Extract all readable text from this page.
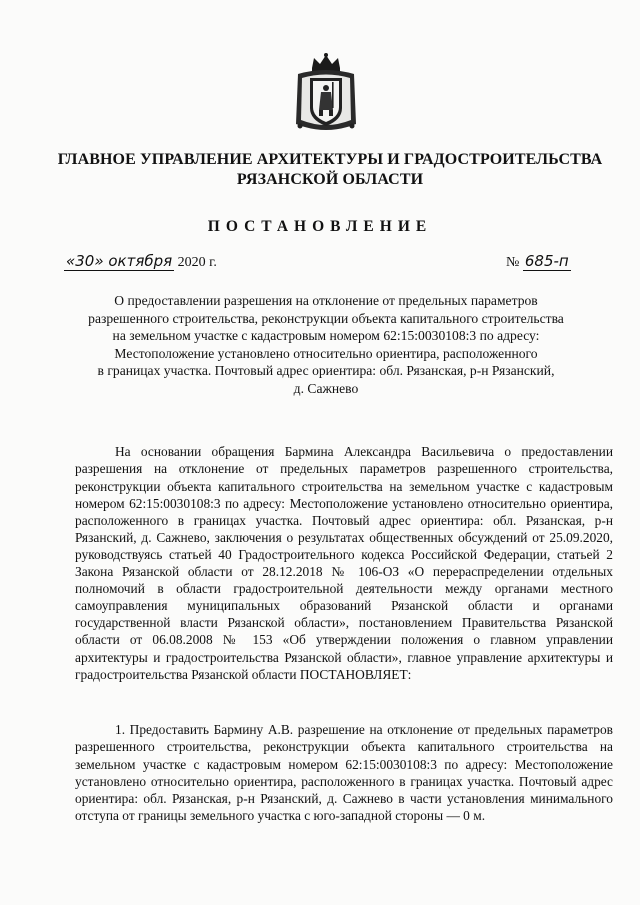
ГЛАВНОЕ УПРАВЛЕНИЕ АРХИТЕКТУРЫ И ГРАДОСТРОИТЕЛЬСТВА
РЯЗАНСКОЙ ОБЛАСТИ
ПОСТАНОВЛЕНИЕ
«30» октября 2020 г.	№ 685-п
О предоставлении разрешения на отклонение от предельных параметров
разрешенного строительства, реконструкции объекта капитального строительства
на земельном участке с кадастровым номером 62:15:0030108:3 по адресу:
Местоположение установлено относительно ориентира, расположенного
в границах участка. Почтовый адрес ориентира: обл. Рязанская, р-н Рязанский,
д. Сажнево

На основании обращения Бармина Александра Васильевича о предоставлении разрешения на отклонение от предельных параметров разрешенного строительства, реконструкции объекта капитального строительства на земельном участке с кадастровым номером 62:15:0030108:3 по адресу: Местоположение установлено относительно ориентира, расположенного в границах участка. Почтовый адрес ориентира: обл. Рязанская, р-н Рязанский, д. Сажнево, заключения о результатах общественных обсуждений от 25.09.2020, руководствуясь статьей 40 Градостроительного кодекса Российской Федерации, статьей 2 Закона Рязанской области от 28.12.2018 № 106-ОЗ «О перераспределении отдельных полномочий в области градостроительной деятельности между органами местного самоуправления муниципальных образований Рязанской области и органами государственной власти Рязанской области», постановлением Правительства Рязанской области от 06.08.2008 № 153 «Об утверждении положения о главном управлении архитектуры и градостроительства Рязанской области», главное управление архитектуры и градостроительства Рязанской области ПОСТАНОВЛЯЕТ:

1. Предоставить Бармину А.В. разрешение на отклонение от предельных параметров разрешенного строительства, реконструкции объекта капитального строительства на земельном участке с кадастровым номером 62:15:0030108:3 по адресу: Местоположение установлено относительно ориентира, расположенного в границах участка. Почтовый адрес ориентира: обл. Рязанская, р-н Рязанский, д. Сажнево в части установления минимального отступа от границы земельного участка с юго-западной стороны — 0 м.
